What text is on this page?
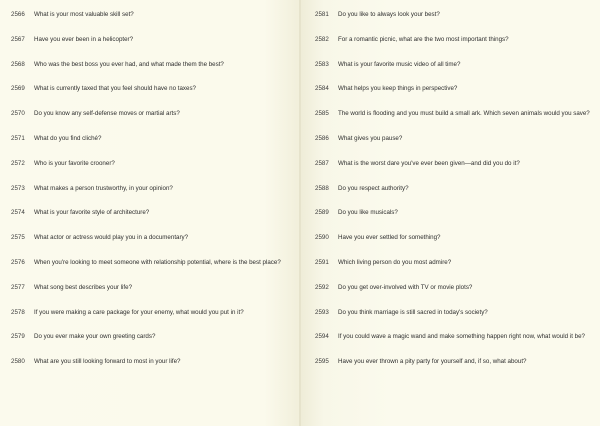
2566	What is your most valuable skill set?
2567	Have you ever been in a helicopter?
2568	Who was the best boss you ever had, and what made them the best?
2569	What is currently taxed that you feel should have no taxes?
2570	Do you know any self-defense moves or martial arts?
2571	What do you find cliché?
2572	Who is your favorite crooner?
2573	What makes a person trustworthy, in your opinion?
2574	What is your favorite style of architecture?
2575	What actor or actress would play you in a documentary?
2576	When you're looking to meet someone with relationship potential, where is the best place?
2577	What song best describes your life?
2578	If you were making a care package for your enemy, what would you put in it?
2579	Do you ever make your own greeting cards?
2580	What are you still looking forward to most in your life?
2581	Do you like to always look your best?
2582	For a romantic picnic, what are the two most important things?
2583	What is your favorite music video of all time?
2584	What helps you keep things in perspective?
2585	The world is flooding and you must build a small ark. Which seven animals would you save?
2586	What gives you pause?
2587	What is the worst dare you've ever been given—and did you do it?
2588	Do you respect authority?
2589	Do you like musicals?
2590	Have you ever settled for something?
2591	Which living person do you most admire?
2592	Do you get over-involved with TV or movie plots?
2593	Do you think marriage is still sacred in today's society?
2594	If you could wave a magic wand and make something happen right now, what would it be?
2595	Have you ever thrown a pity party for yourself and, if so, what about?
